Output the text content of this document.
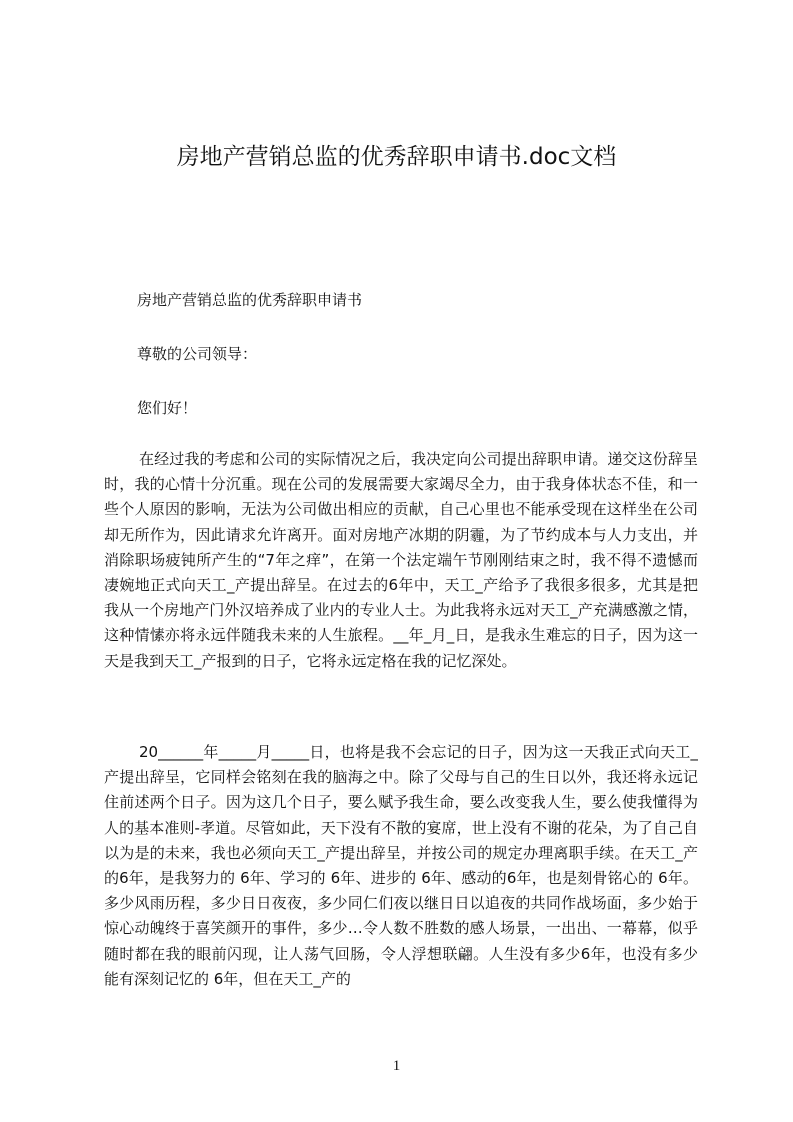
房地产营销总监的优秀辞职申请书.doc文档
房地产营销总监的优秀辞职申请书
尊敬的公司领导：
您们好！

在经过我的考虑和公司的实际情况之后，我决定向公司提出辞职申请。递交这份辞呈时，我的心情十分沉重。现在公司的发展需要大家竭尽全力，由于我身体状态不佳，和一些个人原因的影响，无法为公司做出相应的贡献，自己心里也不能承受现在这样坐在公司却无所作为，因此请求允许离开。面对房地产冰期的阴霾，为了节约成本与人力支出，并消除职场疲钝所产生的“7年之痒”，在第一个法定端午节刚刚结束之时，我不得不遗憾而凄婉地正式向天工_产提出辞呈。在过去的6年中，天工_产给予了我很多很多，尤其是把我从一个房地产门外汉培养成了业内的专业人士。为此我将永远对天工_产充满感激之情，这种情愫亦将永远伴随我未来的人生旅程。__年_月_日，是我永生难忘的日子，因为这一天是我到天工_产报到的日子，它将永远定格在我的记忆深处。

20______年_____月_____日，也将是我不会忘记的日子，因为这一天我正式向天工_产提出辞呈，它同样会铭刻在我的脑海之中。除了父母与自己的生日以外，我还将永远记住前述两个日子。因为这几个日子，要么赋予我生命，要么改变我人生，要么使我懂得为人的基本准则-孝道。尽管如此，天下没有不散的宴席，世上没有不谢的花朵，为了自己自以为是的未来，我也必须向天工_产提出辞呈，并按公司的规定办理离职手续。在天工_产的6年，是我努力的 6年、学习的 6年、进步的 6年、感动的6年，也是刻骨铭心的 6年。多少风雨历程，多少日日夜夜，多少同仁们夜以继日日以追夜的共同作战场面，多少始于惊心动魄终于喜笑颜开的事件，多少…令人数不胜数的感人场景，一出出、一幕幕，似乎随时都在我的眼前闪现，让人荡气回肠，令人浮想联翩。人生没有多少6年，也没有多少能有深刻记忆的 6年，但在天工_产的

1
